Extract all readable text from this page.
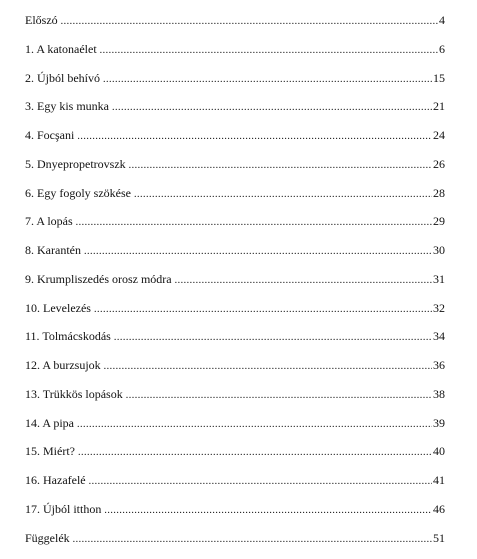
Előszó .....	4
1. A katonaélet .....	6
2. Újból behívó .....	15
3. Egy kis munka .....	21
4. Focşani .....	24
5. Dnyepropetrovszk .....	26
6. Egy fogoly szökése .....	28
7. A lopás .....	29
8. Karantén .....	30
9. Krumpliszedés orosz módra .....	31
10. Levelezés .....	32
11. Tolmácskodás .....	34
12. A burzsujok .....	36
13. Trükkös lopások .....	38
14. A pipa .....	39
15. Miért? .....	40
16. Hazafelé .....	41
17. Újból itthon .....	46
Függelék .....	51
